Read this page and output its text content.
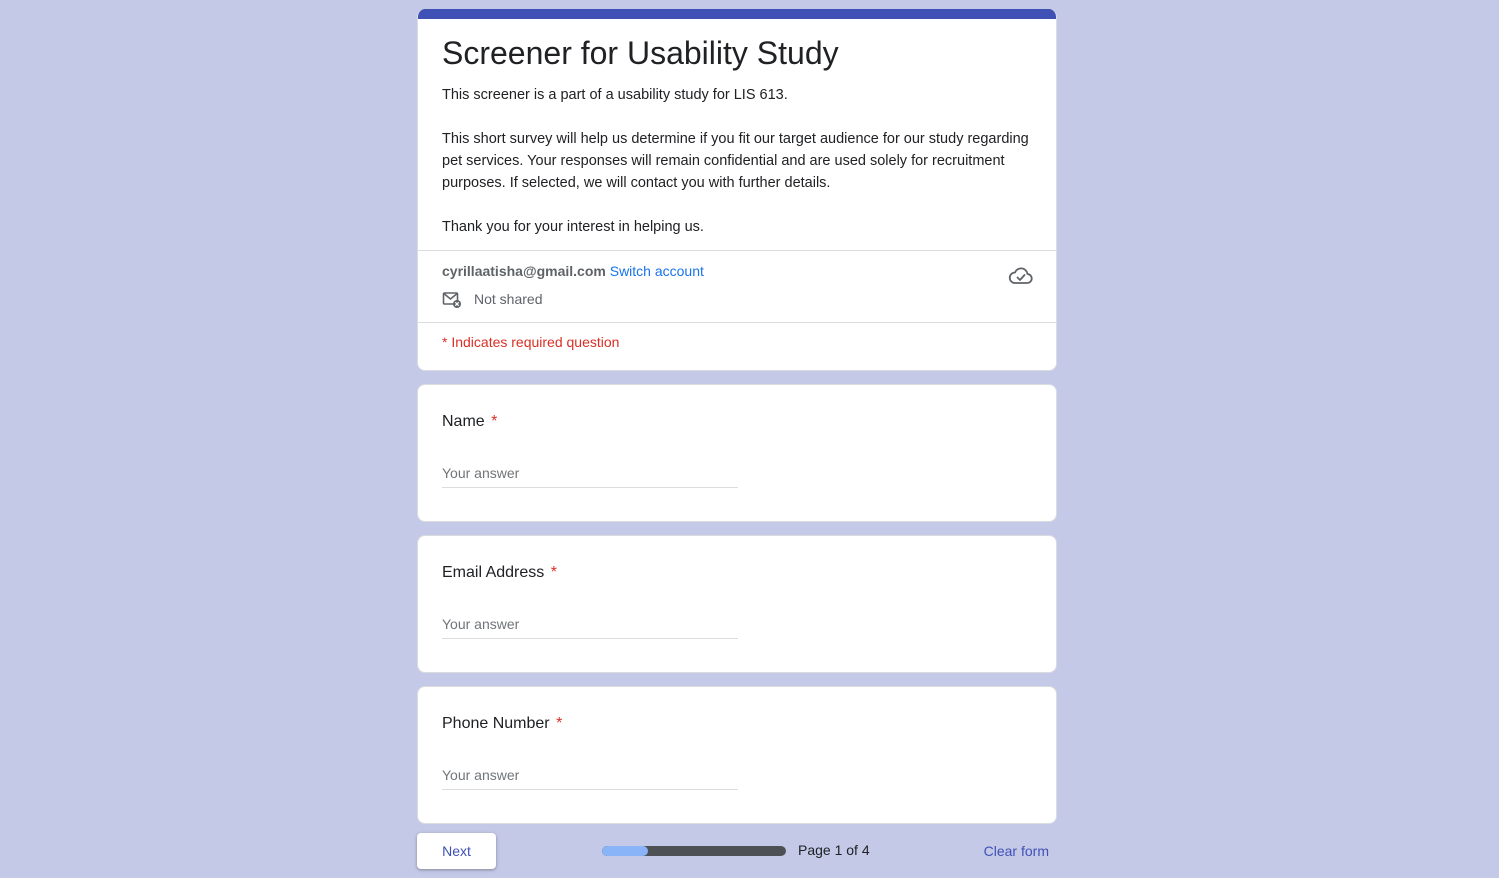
Screener for Usability Study

This screener is a part of a usability study for LIS 613.

This short survey will help us determine if you fit our target audience for our study regarding pet services. Your responses will remain confidential and are used solely for recruitment purposes. If selected, we will contact you with further details.

Thank you for your interest in helping us.

cyrillaatisha@gmail.com Switch account
Not shared
* Indicates required question
Name *
Your answer
Email Address *
Your answer
Phone Number *
Your answer
Next	Page 1 of 4	Clear form
